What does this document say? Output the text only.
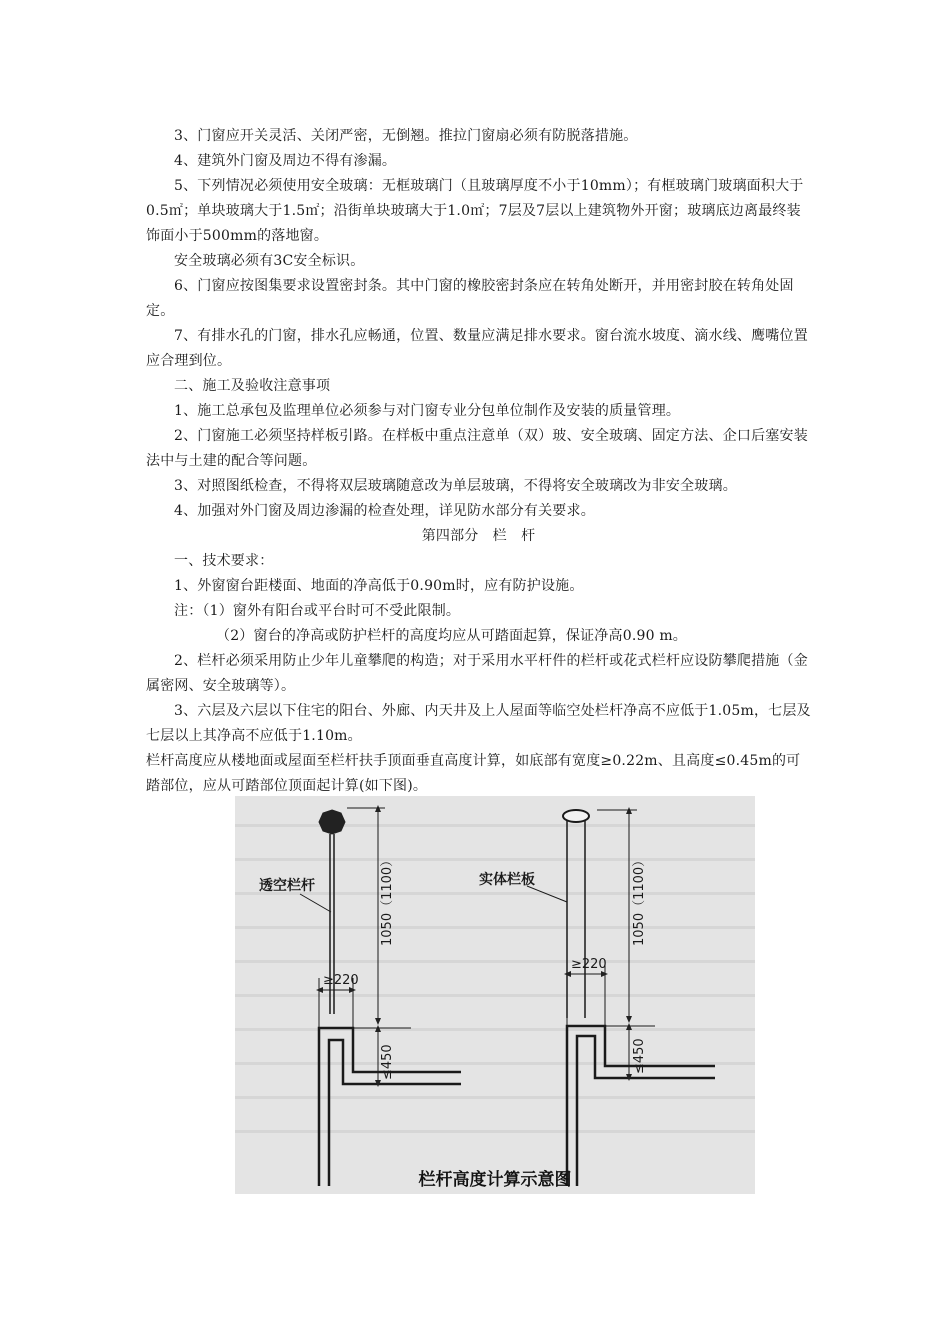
3、门窗应开关灵活、关闭严密，无倒翘。推拉门窗扇必须有防脱落措施。

4、建筑外门窗及周边不得有渗漏。

5、下列情况必须使用安全玻璃：无框玻璃门（且玻璃厚度不小于10mm）；有框玻璃门玻璃面积大于0.5㎡；单块玻璃大于1.5㎡；沿街单块玻璃大于1.0㎡；7层及7层以上建筑物外开窗；玻璃底边离最终装饰面小于500mm的落地窗。

安全玻璃必须有3C安全标识。

6、门窗应按图集要求设置密封条。其中门窗的橡胶密封条应在转角处断开，并用密封胶在转角处固定。

7、有排水孔的门窗，排水孔应畅通，位置、数量应满足排水要求。窗台流水坡度、滴水线、鹰嘴位置应合理到位。

二、施工及验收注意事项

1、施工总承包及监理单位必须参与对门窗专业分包单位制作及安装的质量管理。

2、门窗施工必须坚持样板引路。在样板中重点注意单（双）玻、安全玻璃、固定方法、企口后塞安装法中与土建的配合等问题。

3、对照图纸检查，不得将双层玻璃随意改为单层玻璃，不得将安全玻璃改为非安全玻璃。

4、加强对外门窗及周边渗漏的检查处理，详见防水部分有关要求。

第四部分　栏　杆

一、技术要求：

1、外窗窗台距楼面、地面的净高低于0.90m时，应有防护设施。

注：（1）窗外有阳台或平台时可不受此限制。

（2）窗台的净高或防护栏杆的高度均应从可踏面起算，保证净高0.90 m。

2、栏杆必须采用防止少年儿童攀爬的构造；对于采用水平杆件的栏杆或花式栏杆应设防攀爬措施（金属密网、安全玻璃等）。

3、六层及六层以下住宅的阳台、外廊、内天井及上人屋面等临空处栏杆净高不应低于1.05m，七层及七层以上其净高不应低于1.10m。

栏杆高度应从楼地面或屋面至栏杆扶手顶面垂直高度计算，如底部有宽度≥0.22m、且高度≤0.45m的可踏部位，应从可踏部位顶面起计算(如下图)。

透空栏杆	实体栏板
1050（1100）	1050（1100）
≥220
≥220
≤450	≤450
栏杆高度计算示意图
